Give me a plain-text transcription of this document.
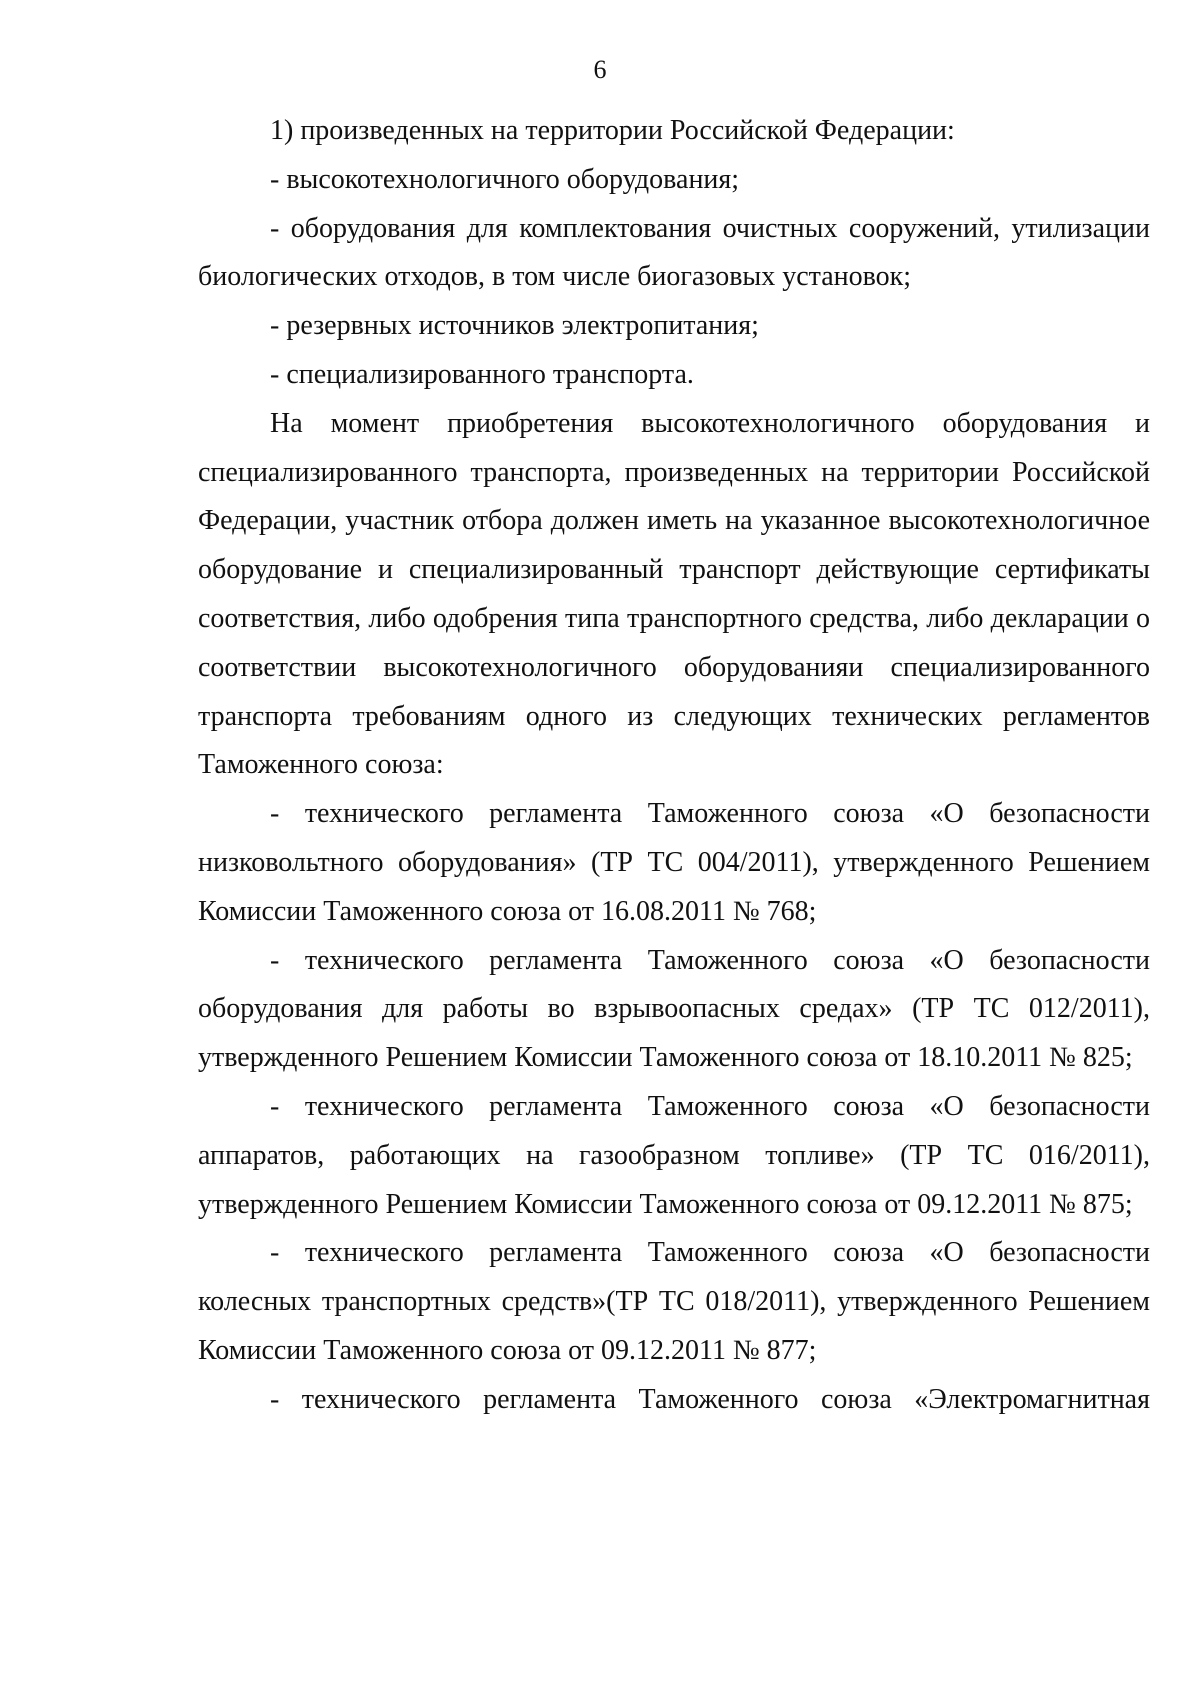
6

1) произведенных на территории Российской Федерации:

- высокотехнологичного оборудования;

- оборудования для комплектования очистных сооружений, утилизации биологических отходов, в том числе биогазовых установок;

- резервных источников электропитания;

- специализированного транспорта.

На момент приобретения высокотехнологичного оборудования и специализированного транспорта, произведенных на территории Российской Федерации, участник отбора должен иметь на указанное высокотехнологичное оборудование и специализированный транспорт действующие сертификаты соответствия, либо одобрения типа транспортного средства, либо декларации о соответствии высокотехнологичного оборудованияи специализированного транспорта требованиям одного из следующих технических регламентов Таможенного союза:

- технического регламента Таможенного союза «О безопасности низковольтного оборудования» (ТР ТС 004/2011), утвержденного Решением Комиссии Таможенного союза от 16.08.2011 № 768;

- технического регламента Таможенного союза «О безопасности оборудования для работы во взрывоопасных средах» (ТР ТС 012/2011), утвержденного Решением Комиссии Таможенного союза от 18.10.2011 № 825;

- технического регламента Таможенного союза «О безопасности аппаратов, работающих на газообразном топливе» (ТР ТС 016/2011), утвержденного Решением Комиссии Таможенного союза от 09.12.2011 № 875;

- технического регламента Таможенного союза «О безопасности колесных транспортных средств»(ТР ТС 018/2011), утвержденного Решением Комиссии Таможенного союза от 09.12.2011 № 877;

- технического регламента Таможенного союза «Электромагнитная
